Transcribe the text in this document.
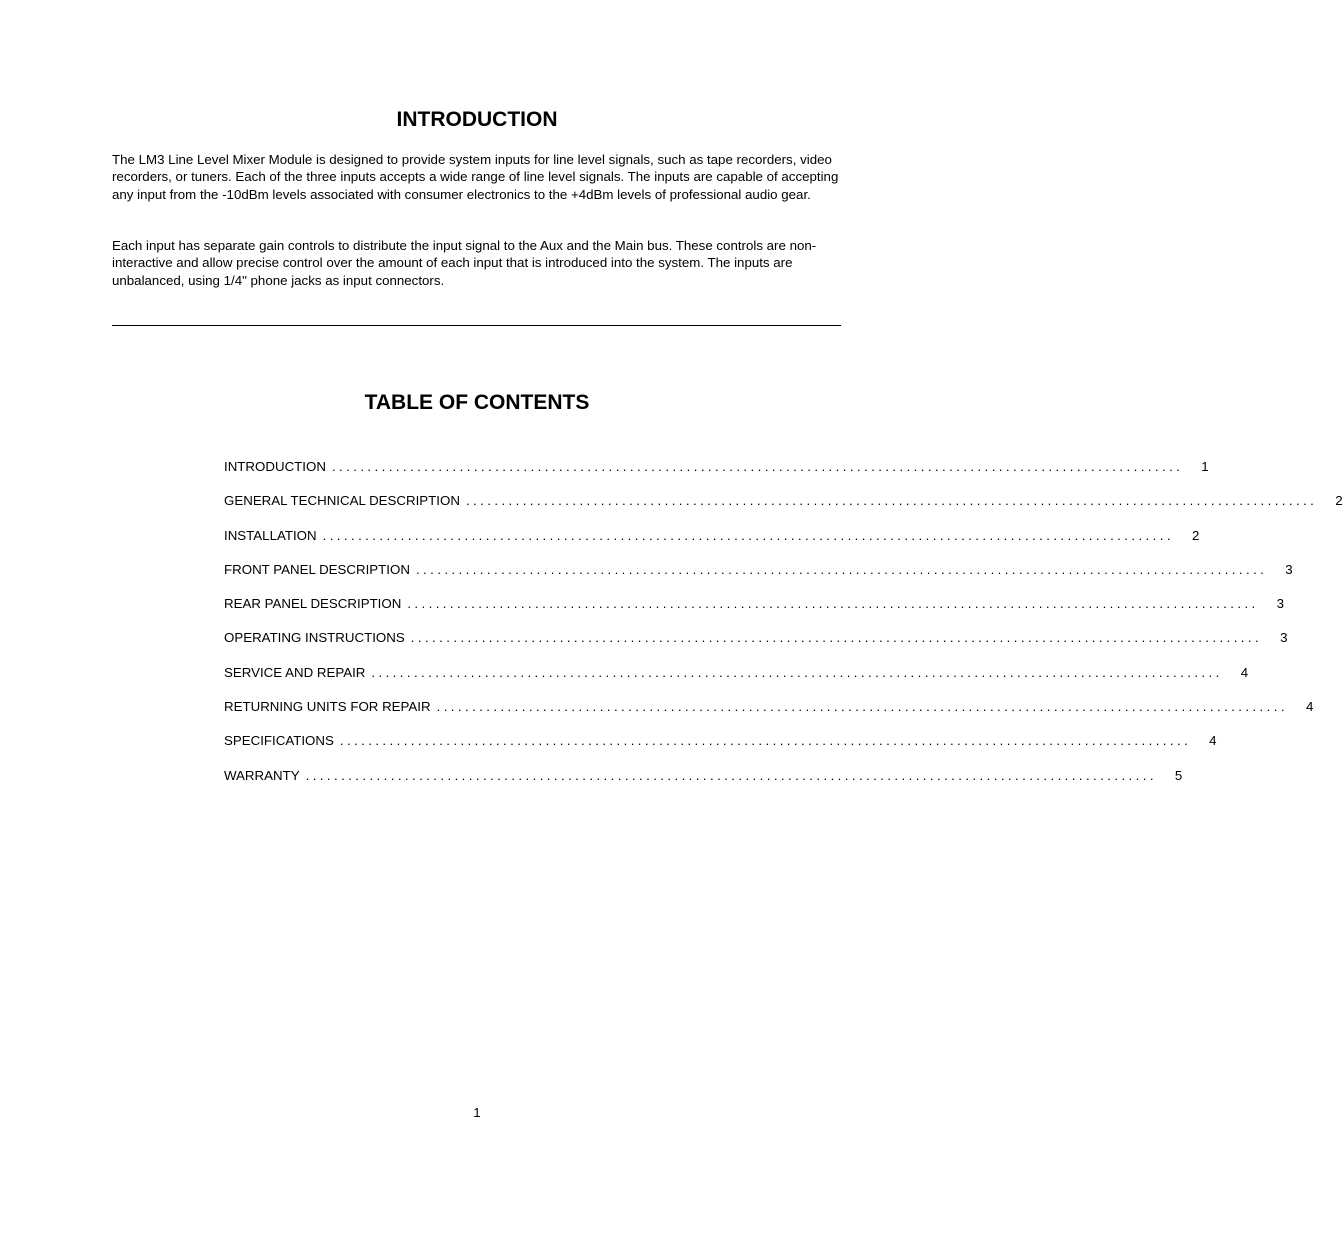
INTRODUCTION

The LM3 Line Level Mixer Module is designed to provide system inputs for line level signals, such as tape recorders, video recorders, or tuners. Each of the three inputs accepts a wide range of line level signals. The inputs are capable of accepting any input from the -10dBm levels associated with consumer electronics to the +4dBm levels of professional audio gear.

Each input has separate gain controls to distribute the input signal to the Aux and the Main bus. These controls are non-interactive and allow precise control over the amount of each input that is introduced into the system. The inputs are unbalanced, using 1/4" phone jacks as input connectors.

TABLE OF CONTENTS
INTRODUCTION ........................................................................................................................ 1
GENERAL TECHNICAL DESCRIPTION ........................................................................................................................ 2
INSTALLATION ........................................................................................................................ 2
FRONT PANEL DESCRIPTION ........................................................................................................................ 3
REAR PANEL DESCRIPTION ........................................................................................................................ 3
OPERATING INSTRUCTIONS ........................................................................................................................ 3
SERVICE AND REPAIR ........................................................................................................................ 4
RETURNING UNITS FOR REPAIR ........................................................................................................................ 4
SPECIFICATIONS ........................................................................................................................ 4
WARRANTY ........................................................................................................................ 5
1
